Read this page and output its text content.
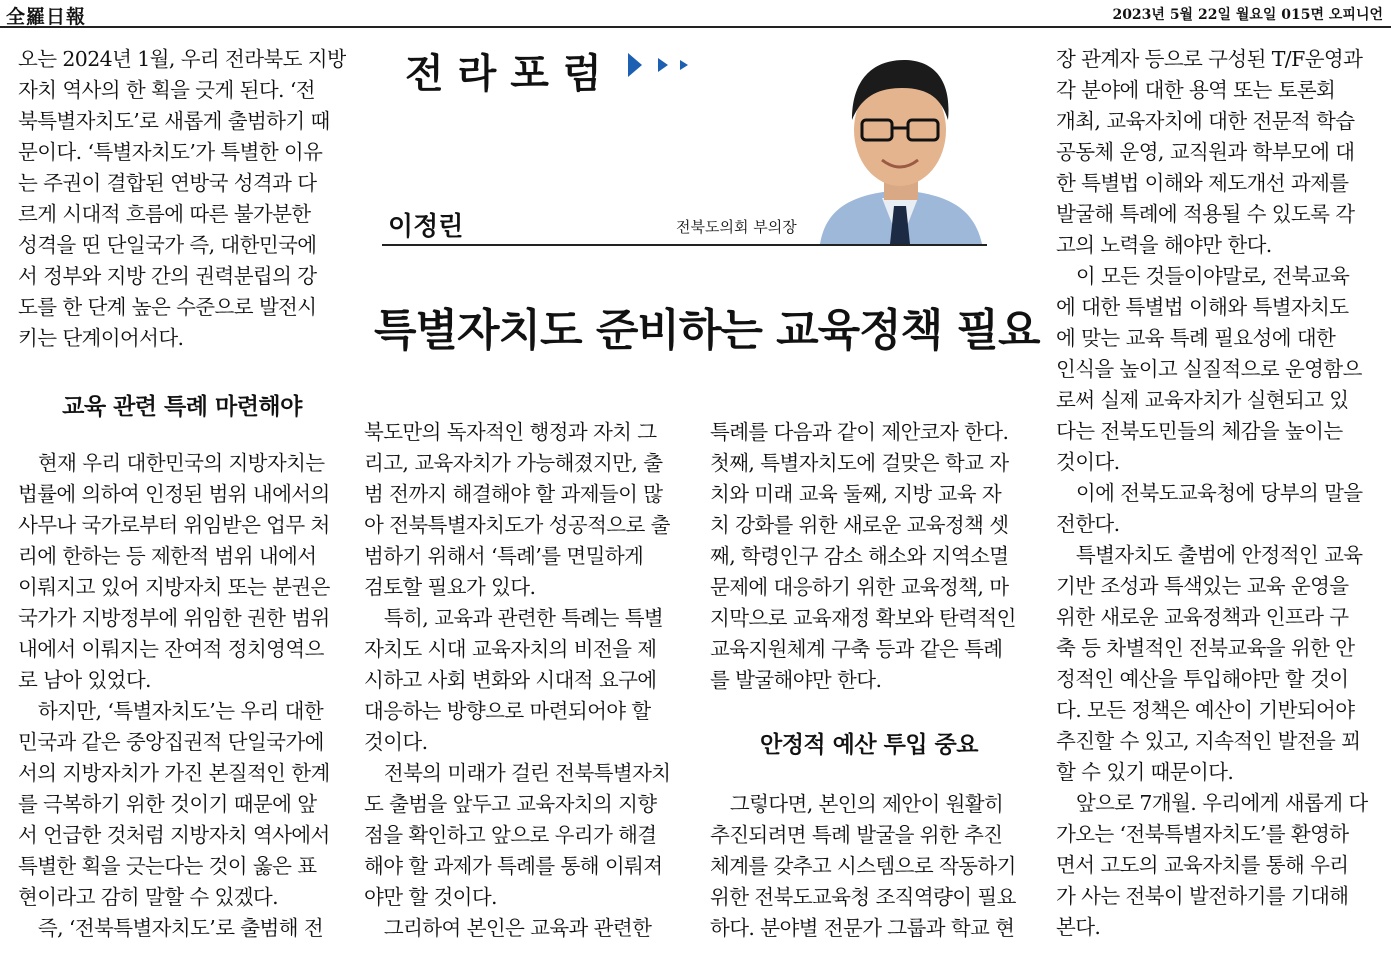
全羅日報	2023년 5월 22일 월요일 015면 오피니언

오는 2024년 1월, 우리 전라북도 지방

자치 역사의 한 획을 긋게 된다. ‘전

북특별자치도’로 새롭게 출범하기 때

문이다. ‘특별자치도’가 특별한 이유

는 주권이 결합된 연방국 성격과 다

르게 시대적 흐름에 따른 불가분한

성격을 띤 단일국가 즉, 대한민국에

서 정부와 지방 간의 권력분립의 강

도를 한 단계 높은 수준으로 발전시

키는 단계이어서다.

교육 관련 특례 마련해야

　현재 우리 대한민국의 지방자치는

법률에 의하여 인정된 범위 내에서의

사무나 국가로부터 위임받은 업무 처

리에 한하는 등 제한적 범위 내에서

이뤄지고 있어 지방자치 또는 분권은

국가가 지방정부에 위임한 권한 범위

내에서 이뤄지는 잔여적 정치영역으

로 남아 있었다.

　하지만, ‘특별자치도’는 우리 대한

민국과 같은 중앙집권적 단일국가에

서의 지방자치가 가진 본질적인 한계

를 극복하기 위한 것이기 때문에 앞

서 언급한 것처럼 지방자치 역사에서

특별한 획을 긋는다는 것이 옳은 표

현이라고 감히 말할 수 있겠다.

　즉, ‘전북특별자치도’로 출범해 전

전라포럼
이정린	전북도의회 부의장
특별자치도 준비하는 교육정책 필요

북도만의 독자적인 행정과 자치 그

리고, 교육자치가 가능해졌지만, 출

범 전까지 해결해야 할 과제들이 많

아 전북특별자치도가 성공적으로 출

범하기 위해서 ‘특례’를 면밀하게

검토할 필요가 있다.

　특히, 교육과 관련한 특례는 특별

자치도 시대 교육자치의 비전을 제

시하고 사회 변화와 시대적 요구에

대응하는 방향으로 마련되어야 할

것이다.

　전북의 미래가 걸린 전북특별자치

도 출범을 앞두고 교육자치의 지향

점을 확인하고 앞으로 우리가 해결

해야 할 과제가 특례를 통해 이뤄져

야만 할 것이다.

　그리하여 본인은 교육과 관련한

특례를 다음과 같이 제안코자 한다.

첫째, 특별자치도에 걸맞은 학교 자

치와 미래 교육 둘째, 지방 교육 자

치 강화를 위한 새로운 교육정책 셋

째, 학령인구 감소 해소와 지역소멸

문제에 대응하기 위한 교육정책, 마

지막으로 교육재정 확보와 탄력적인

교육지원체계 구축 등과 같은 특례

를 발굴해야만 한다.

안정적 예산 투입 중요

　그렇다면, 본인의 제안이 원활히

추진되려면 특례 발굴을 위한 추진

체계를 갖추고 시스템으로 작동하기

위한 전북도교육청 조직역량이 필요

하다. 분야별 전문가 그룹과 학교 현

장 관계자 등으로 구성된 T/F운영과

각 분야에 대한 용역 또는 토론회

개최, 교육자치에 대한 전문적 학습

공동체 운영, 교직원과 학부모에 대

한 특별법 이해와 제도개선 과제를

발굴해 특례에 적용될 수 있도록 각

고의 노력을 해야만 한다.

　이 모든 것들이야말로, 전북교육

에 대한 특별법 이해와 특별자치도

에 맞는 교육 특례 필요성에 대한

인식을 높이고 실질적으로 운영함으

로써 실제 교육자치가 실현되고 있

다는 전북도민들의 체감을 높이는

것이다.

　이에 전북도교육청에 당부의 말을

전한다.

　특별자치도 출범에 안정적인 교육

기반 조성과 특색있는 교육 운영을

위한 새로운 교육정책과 인프라 구

축 등 차별적인 전북교육을 위한 안

정적인 예산을 투입해야만 할 것이

다. 모든 정책은 예산이 기반되어야

추진할 수 있고, 지속적인 발전을 꾀

할 수 있기 때문이다.

　앞으로 7개월. 우리에게 새롭게 다

가오는 ‘전북특별자치도’를 환영하

면서 고도의 교육자치를 통해 우리

가 사는 전북이 발전하기를 기대해

본다.
